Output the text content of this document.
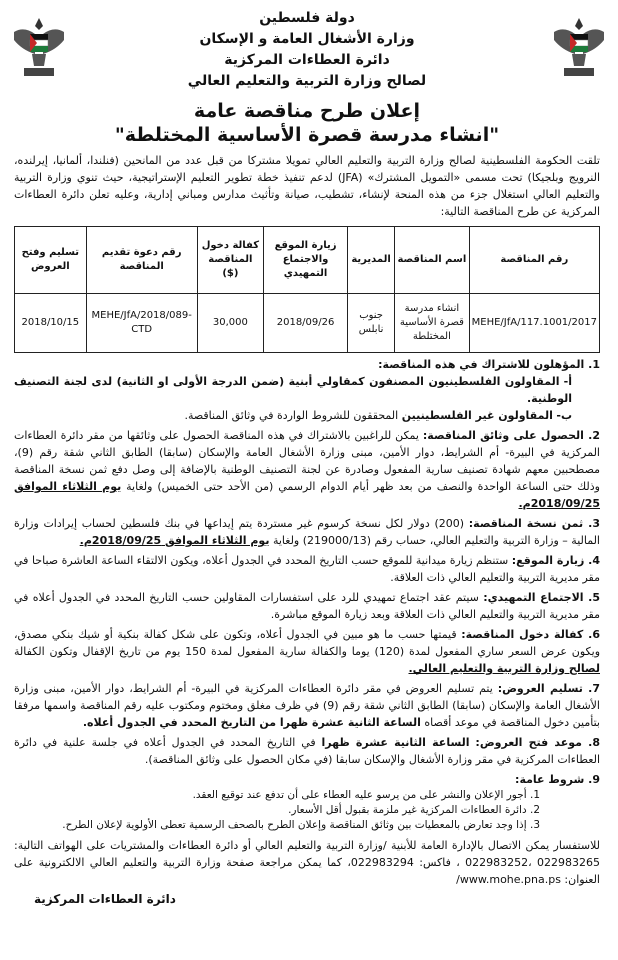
دولة فلسطين
وزارة الأشغال العامة و الإسكان
دائرة العطاءات المركزية
لصالح وزارة التربية والتعليم العالي
إعلان طرح مناقصة عامة
"انشاء مدرسة قصرة الأساسية المختلطة"
تلقت الحكومة الفلسطينية لصالح وزارة التربية والتعليم العالي تمويلا مشتركا من قبل عدد من المانحين (فنلندا، ألمانيا، إيرلنده، النرويج وبلجيكا) تحت مسمى «التمويل المشترك» (JFA) لدعم تنفيذ خطة تطوير التعليم الإستراتيجية، حيث تنوي وزارة التربية والتعليم العالي استغلال جزء من هذه المنحة لإنشاء، تشطيب، صيانة وتأثيث مدارس ومباني إدارية، وعليه تعلن دائرة العطاءات المركزية عن طرح المناقصة التالية:
رقم المناقصة	اسم المناقصة	المديرية	زيارة الموقع والاجتماع التمهيدي	كفالة دخول المناقصة ($)	رقم دعوة تقديم المناقصة	تسليم وفتح العروض
MEHE/JfA/117.1001/2017	انشاء مدرسة قصرة الأساسية المختلطة	جنوب نابلس	2018/09/26	30,000	MEHE/JfA/2018/089-CTD	2018/10/15
1. المؤهلون للاشتراك في هذه المناقصة:
أ- المقاولون الفلسطينيون المصنفون كمقاولي أبنية (ضمن الدرجة الأولى او الثانية) لدى لجنة التصنيف الوطنية.
ب- المقاولون غير الفلسطينيين المحققون للشروط الواردة في وثائق المناقصة.
2. الحصول على وثائق المناقصة: يمكن للراغبين بالاشتراك في هذه المناقصة الحصول على وثائقها من مقر دائرة العطاءات المركزية في البيرة- أم الشرايط، دوار الأمين، مبنى وزارة الأشغال العامة والإسكان (سابقا) الطابق الثاني شقة رقم (9)، مصطحبين معهم شهادة تصنيف سارية المفعول وصادرة عن لجنة التصنيف الوطنية بالإضافة إلى وصل دفع ثمن نسخة المناقصة وذلك حتى الساعة الواحدة والنصف من بعد ظهر أيام الدوام الرسمي (من الأحد حتى الخميس) ولغاية يوم الثلاثاء الموافق 2018/09/25م.
3. ثمن نسخة المناقصة: (200) دولار لكل نسخة كرسوم غير مستردة يتم إيداعها في بنك فلسطين لحساب إيرادات وزارة المالية – وزارة التربية والتعليم العالي، حساب رقم (219000/13) ولغاية يوم الثلاثاء الموافق 2018/09/25م.
4. زيارة الموقع: ستنظم زيارة ميدانية للموقع حسب التاريخ المحدد في الجدول أعلاه، ويكون الالتقاء الساعة العاشرة صباحا في مقر مديرية التربية والتعليم العالي ذات العلاقة.
5. الاجتماع التمهيدي: سيتم عقد اجتماع تمهيدي للرد على استفسارات المقاولين حسب التاريخ المحدد في الجدول أعلاه في مقر مديرية التربية والتعليم العالي ذات العلاقة وبعد زيارة الموقع مباشرة.
6. كفالة دخول المناقصة: قيمتها حسب ما هو مبين في الجدول أعلاه، وتكون على شكل كفالة بنكية أو شيك بنكي مصدق، ويكون عرض السعر ساري المفعول لمدة (120) يوما والكفالة سارية المفعول لمدة 150 يوم من تاريخ الإقفال وتكون الكفالة لصالح وزارة التربية والتعليم العالي.
7. تسليم العروض: يتم تسليم العروض في مقر دائرة العطاءات المركزية في البيرة- أم الشرايط، دوار الأمين، مبنى وزارة الأشغال العامة والإسكان (سابقا) الطابق الثاني شقة رقم (9) في ظرف مغلق ومختوم ومكتوب عليه رقم المناقصة واسمها مرفقا بتأمين دخول المناقصة في موعد أقصاه الساعة الثانية عشرة ظهرا من التاريخ المحدد في الجدول أعلاه.
8. موعد فتح العروض: الساعة الثانية عشرة ظهرا في التاريخ المحدد في الجدول أعلاه في جلسة علنية في دائرة العطاءات المركزية في مقر وزارة الأشغال والإسكان سابقا (في مكان الحصول على وثائق المناقصة).
9. شروط عامة:
1. أجور الإعلان والنشر على من يرسو عليه العطاء على أن تدفع عند توقيع العقد.
2. دائرة العطاءات المركزية غير ملزمة بقبول أقل الأسعار.
3. إذا وجد تعارض بالمعطيات بين وثائق المناقصة وإعلان الطرح بالصحف الرسمية تعطى الأولوية لإعلان الطرح.
للاستفسار يمكن الاتصال بالإدارة العامة للأبنية /وزارة التربية والتعليم العالي أو دائرة العطاءات والمشتريات على الهواتف التالية: 022983265 ،022983252 ، فاكس: 022983294، كما يمكن مراجعة صفحة وزارة التربية والتعليم العالي الالكترونية على العنوان: www.mohe.pna.ps/
دائرة العطاءات المركزية
